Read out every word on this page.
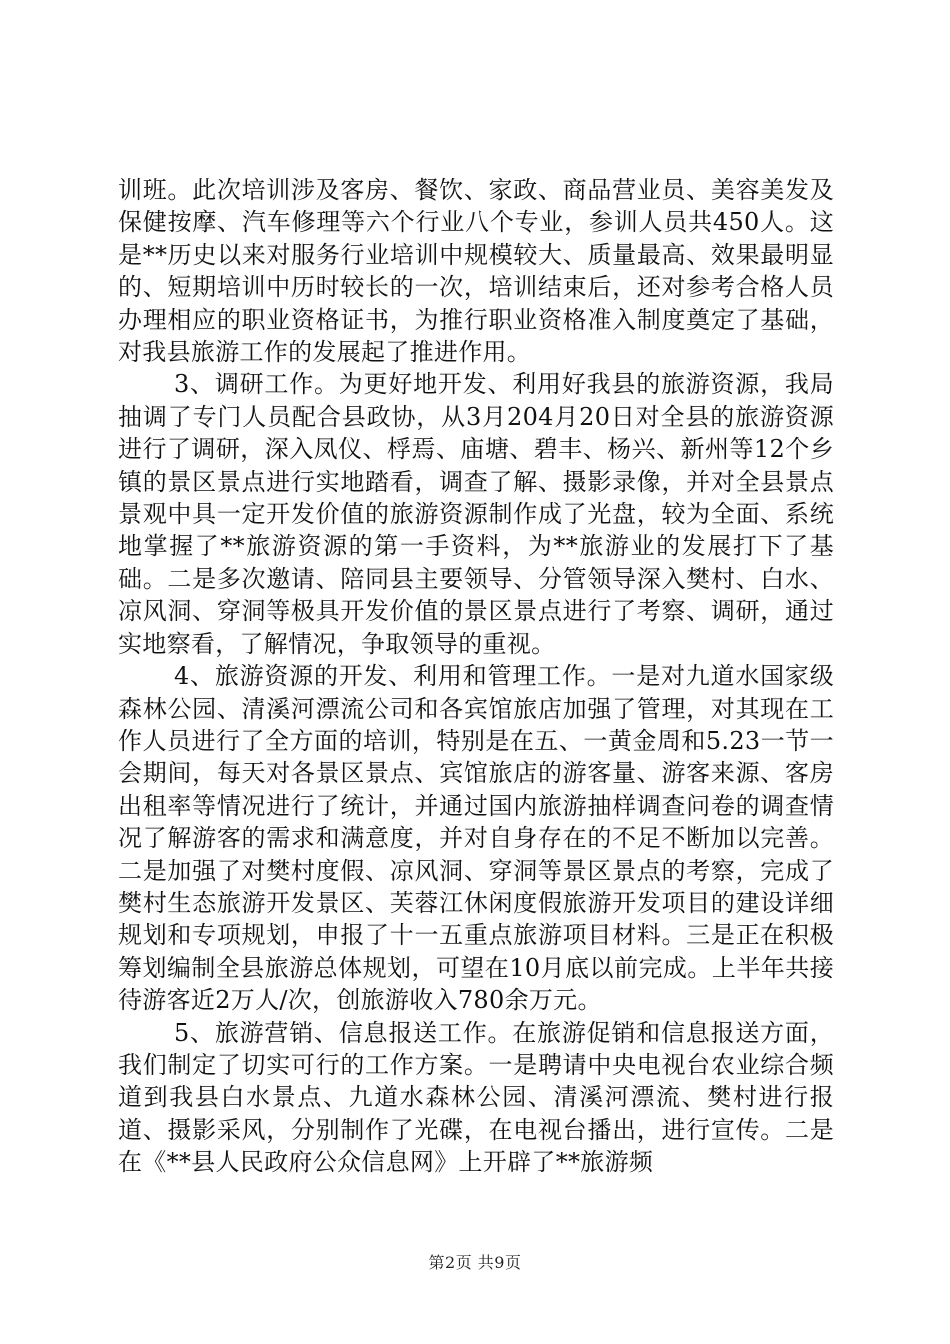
训班。此次培训涉及客房、餐饮、家政、商品营业员、美容美发及保健按摩、汽车修理等六个行业八个专业，参训人员共450人。这是**历史以来对服务行业培训中规模较大、质量最高、效果最明显的、短期培训中历时较长的一次，培训结束后，还对参考合格人员办理相应的职业资格证书，为推行职业资格准入制度奠定了基础，对我县旅游工作的发展起了推进作用。

3、调研工作。为更好地开发、利用好我县的旅游资源，我局抽调了专门人员配合县政协，从3月204月20日对全县的旅游资源进行了调研，深入凤仪、桴焉、庙塘、碧丰、杨兴、新州等12个乡镇的景区景点进行实地踏看，调查了解、摄影录像，并对全县景点景观中具一定开发价值的旅游资源制作成了光盘，较为全面、系统地掌握了**旅游资源的第一手资料，为**旅游业的发展打下了基础。二是多次邀请、陪同县主要领导、分管领导深入樊村、白水、凉风洞、穿洞等极具开发价值的景区景点进行了考察、调研，通过实地察看，了解情况，争取领导的重视。

4、旅游资源的开发、利用和管理工作。一是对九道水国家级森林公园、清溪河漂流公司和各宾馆旅店加强了管理，对其现在工作人员进行了全方面的培训，特别是在五、一黄金周和5.23一节一会期间，每天对各景区景点、宾馆旅店的游客量、游客来源、客房出租率等情况进行了统计，并通过国内旅游抽样调查问卷的调查情况了解游客的需求和满意度，并对自身存在的不足不断加以完善。二是加强了对樊村度假、凉风洞、穿洞等景区景点的考察，完成了樊村生态旅游开发景区、芙蓉江休闲度假旅游开发项目的建设详细规划和专项规划，申报了十一五重点旅游项目材料。三是正在积极筹划编制全县旅游总体规划，可望在10月底以前完成。上半年共接待游客近2万人/次，创旅游收入780余万元。

5、旅游营销、信息报送工作。在旅游促销和信息报送方面，我们制定了切实可行的工作方案。一是聘请中央电视台农业综合频道到我县白水景点、九道水森林公园、清溪河漂流、樊村进行报道、摄影采风，分别制作了光碟，在电视台播出，进行宣传。二是在《**县人民政府公众信息网》上开辟了**旅游频

第2页 共9页
